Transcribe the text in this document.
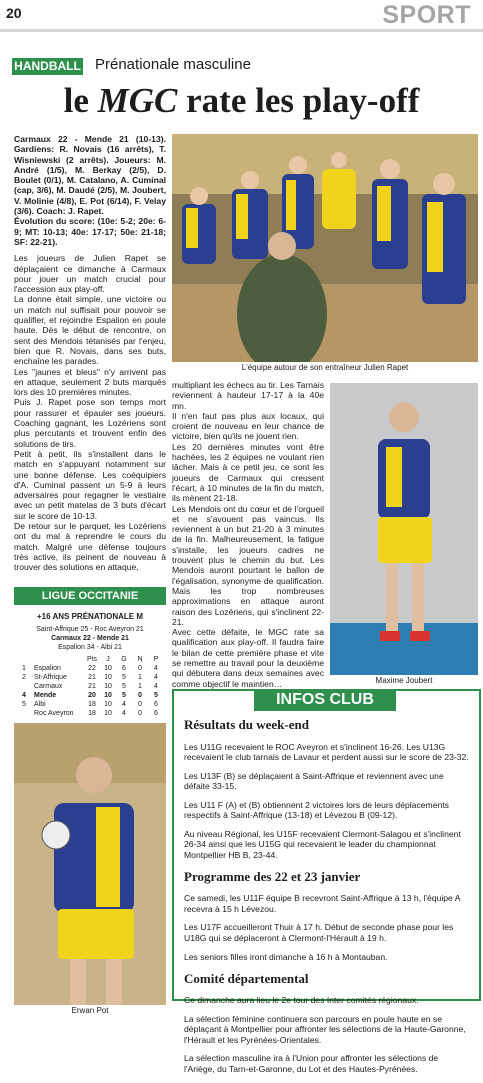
20	SPORT
HANDBALL Prénationale masculine
le MGC rate les play-off

Carmaux 22 - Mende 21 (10-13). Gardiens: R. Novais (16 arrêts), T. Wisniewski (2 arrêts). Joueurs: M. André (1/5), M. Berkay (2/5), D. Boulet (0/1), M. Catalano, A. Cuminal (cap, 3/6), M. Daudé (2/5), M. Joubert, V. Molinie (4/8), E. Pot (6/14), F. Velay (3/6). Coach: J. Rapet.

Évolution du score: (10e: 5-2; 20e: 6-9; MT: 10-13; 40e: 17-17; 50e: 21-18; SF: 22-21).

Les joueurs de Julien Rapet se déplaçaient ce dimanche à Carmaux pour jouer un match crucial pour l'accession aux play-off.

La donne était simple, une victoire ou un match nul suffisait pour pouvoir se qualifier, et rejoindre Espalion en poule haute. Dès le début de rencontre, on sent des Mendois tétanisés par l'enjeu, bien que R. Novais, dans ses buts, enchaîne les parades.

Les "jaunes et bleus" n'y arrivent pas en attaque, seulement 2 buts marqués lors des 10 premières minutes.

Puis J. Rapet pose son temps mort pour rassurer et épauler ses joueurs. Coaching gagnant, les Lozériens sont plus percutants et trouvent enfin des solutions de tirs.

Petit à petit, ils s'installent dans le match en s'appuyant notamment sur une bonne défense. Les coéquipiers d'A. Cuminal passent un 5-9 à leurs adversaires pour regagner le vestiaire avec un petit matelas de 3 buts d'écart sur le score de 10-13.

De retour sur le parquet, les Lozériens ont du mal à reprendre le cours du match. Malgré une défense toujours très active, ils peinent de nouveau à trouver des solutions en attaque,

L'équipe autour de son entraîneur Julien Rapet

multipliant les échecs au tir. Les Tarnais reviennent à hauteur 17-17 à la 40e mn.

Il n'en faut pas plus aux locaux, qui croient de nouveau en leur chance de victoire, bien qu'ils ne jouent rien.

Les 20 dernières minutes vont être hachées, les 2 équipes ne voulant rien lâcher. Mais à ce petit jeu, ce sont les joueurs de Carmaux qui creusent l'écart, à 10 minutes de la fin du match, ils mènent 21-18.

Les Mendois ont du cœur et de l'orgueil et ne s'avouent pas vaincus. Ils reviennent à un but 21-20 à 3 minutes de la fin. Malheureusement, la fatigue s'installe, les joueurs cadres ne trouvent plus le chemin du but. Les Mendois auront pourtant le ballon de l'égalisation, synonyme de qualification. Mais les trop nombreuses approximations en attaque auront raison des Lozériens, qui s'inclinent 22-21.

Avec cette défaite, le MGC rate sa qualification aux play-off. Il faudra faire le bilan de cette première phase et vite se remettre au travail pour la deuxième qui débutera dans deux semaines avec comme objectif le maintien…	Maxime Joubert
LIGUE OCCITANIE
+16 ANS PRÉNATIONALE M
Saint-Affrique 25 - Roc Aveyron 21
Carmaux 22 - Mende 21
Espalion 34 - Albi 21
		Pts	J	G	N	P
1	Espalion	22	10	6	0	4
2	St-Affrique	21	10	5	1	4
	Carmaux	21	10	5	1	4
4	Mende	20	10	5	0	5
5	Albi	18	10	4	0	6
	Roc Aveyron	18	10	4	0	6
Erwan Pot
INFOS CLUB
Résultats du week-end

Les U11G recevaient le ROC Aveyron et s'inclinent 16-26. Les U13G recevaient le club tarnais de Lavaur et perdent aussi sur le score de 23-32.

Les U13F (B) se déplaçaient à Saint-Affrique et reviennent avec une défaite 33-15.

Les U11 F (A) et (B) obtiennent 2 victoires lors de leurs déplacements respectifs à Saint-Affrique (13-18) et Lévezou B (09-12).

Au niveau Régional, les U15F recevaient Clermont-Salagou et s'inclinent 26-34 ainsi que les U15G qui recevaient le leader du championnat Montpellier HB B, 23-44.

Programme des 22 et 23 janvier

Ce samedi, les U11F équipe B recevront Saint-Affrique à 13 h, l'équipe A recevra à 15 h Lévezou.

Les U17F accueilleront Thuir à 17 h. Début de seconde phase pour les U18G qui se déplaceront à Clermont-l'Hérault à 19 h.

Les seniors filles iront dimanche à 16 h à Montauban.

Comité départemental

Ce dimanche aura lieu le 2e tour des Inter comités régionaux.

La sélection féminine continuera son parcours en poule haute en se déplaçant à Montpellier pour affronter les sélections de la Haute-Garonne, l'Hérault et les Pyrénées-Orientales.

La sélection masculine ira à l'Union pour affronter les sélections de l'Ariège, du Tarn-et-Garonne, du Lot et des Hautes-Pyrénées.
